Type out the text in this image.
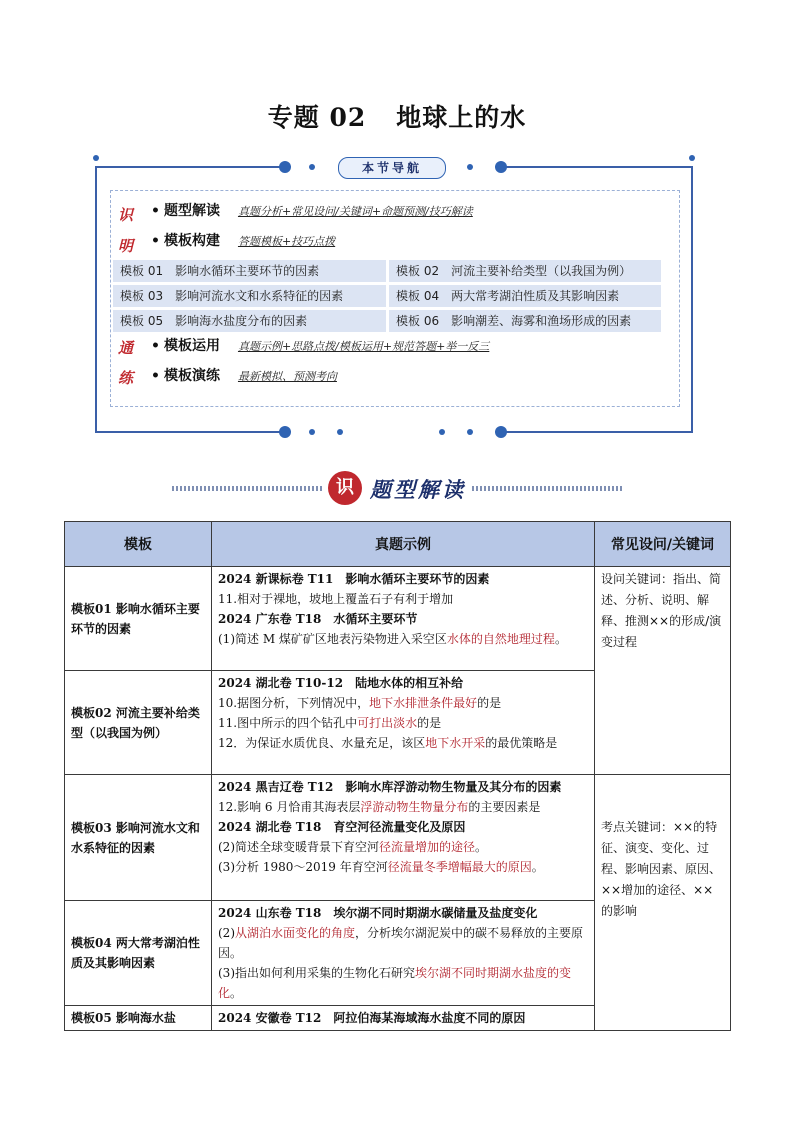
专题 02 地球上的水
本节导航
识
明
通
练
• 题型解读 真题分析+常见设问/关键词+命题预测/技巧解读
• 模板构建 答题模板+技巧点拨
模板 01　影响水循环主要环节的因素	模板 02　河流主要补给类型（以我国为例）
模板 03　影响河流水文和水系特征的因素	模板 04　两大常考湖泊性质及其影响因素
模板 05　影响海水盐度分布的因素	模板 06　影响潮差、海雾和渔场形成的因素
• 模板运用 真题示例+思路点拨/模板运用+规范答题+举一反三
• 模板演练 最新模拟、预测考向
识 题型解读
模板	真题示例	常见设问/关键词
模板01 影响水循环主要环节的因素	2024 新课标卷 T11　影响水循环主要环节的因素
11.相对于裸地，坡地上覆盖石子有利于增加
2024 广东卷 T18　水循环主要环节
(1)简述 M 煤矿矿区地表污染物进入采空区水体的自然地理过程。	设问关键词：指出、简述、分析、说明、解释、推测××的形成/演变过程
模板02 河流主要补给类型（以我国为例）	2024 湖北卷 T10-12　陆地水体的相互补给
10.据图分析，下列情况中，地下水排泄条件最好的是
11.图中所示的四个钻孔中可打出淡水的是
12．为保证水质优良、水量充足，该区地下水开采的最优策略是	

模板03 影响河流水文和水系特征的因素	2024 黑吉辽卷 T12　影响水库浮游动物生物量及其分布的因素
12.影响 6 月恰甫其海表层浮游动物生物量分布的主要因素是
2024 湖北卷 T18　育空河径流量变化及原因
(2)简述全球变暖背景下育空河径流量增加的途径。
(3)分析 1980～2019 年育空河径流量冬季增幅最大的原因。	考点关键词：××的特征、演变、变化、过程、影响因素、原因、××增加的途径、××的影响
模板04 两大常考湖泊性质及其影响因素	2024 山东卷 T18　埃尔湖不同时期湖水碳储量及盐度变化
(2)从湖泊水面变化的角度，分析埃尔湖泥炭中的碳不易释放的主要原因。
(3)指出如何利用采集的生物化石研究埃尔湖不同时期湖水盐度的变化。	

模板05 影响海水盐	2024 安徽卷 T12　阿拉伯海某海域海水盐度不同的原因	
